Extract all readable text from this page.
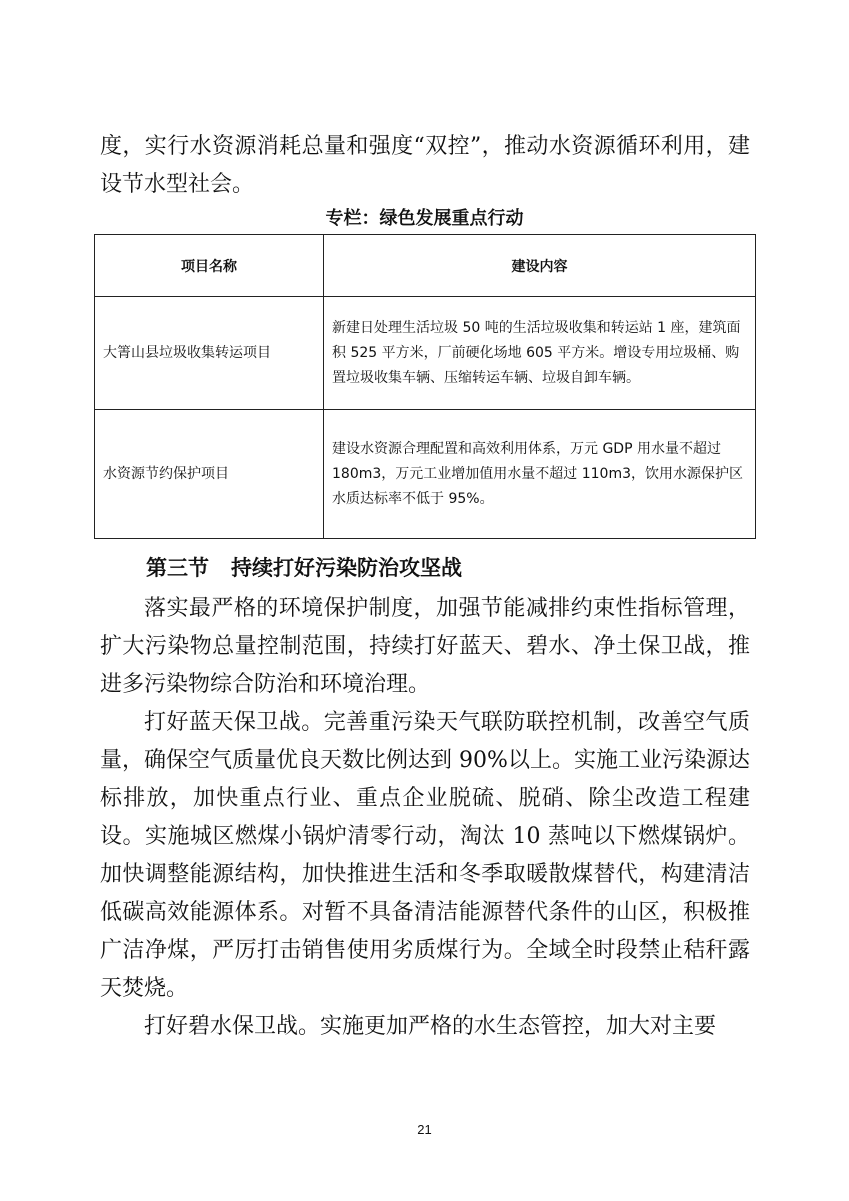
度，实行水资源消耗总量和强度“双控”，推动水资源循环利用，建设节水型社会。

专栏：绿色发展重点行动

项目名称	建设内容
大箐山县垃圾收集转运项目	新建日处理生活垃圾 50 吨的生活垃圾收集和转运站 1 座，建筑面积 525 平方米，厂前硬化场地 605 平方米。增设专用垃圾桶、购置垃圾收集车辆、压缩转运车辆、垃圾自卸车辆。
水资源节约保护项目	建设水资源合理配置和高效利用体系，万元 GDP 用水量不超过 180m3，万元工业增加值用水量不超过 110m3，饮用水源保护区水质达标率不低于 95%。
第三节 持续打好污染防治攻坚战

落实最严格的环境保护制度，加强节能减排约束性指标管理，扩大污染物总量控制范围，持续打好蓝天、碧水、净土保卫战，推进多污染物综合防治和环境治理。

打好蓝天保卫战。完善重污染天气联防联控机制，改善空气质量，确保空气质量优良天数比例达到 90%以上。实施工业污染源达标排放，加快重点行业、重点企业脱硫、脱硝、除尘改造工程建设。实施城区燃煤小锅炉清零行动，淘汰 10 蒸吨以下燃煤锅炉。加快调整能源结构，加快推进生活和冬季取暖散煤替代，构建清洁低碳高效能源体系。对暂不具备清洁能源替代条件的山区，积极推广洁净煤，严厉打击销售使用劣质煤行为。全域全时段禁止秸秆露天焚烧。

打好碧水保卫战。实施更加严格的水生态管控，加大对主要

21
